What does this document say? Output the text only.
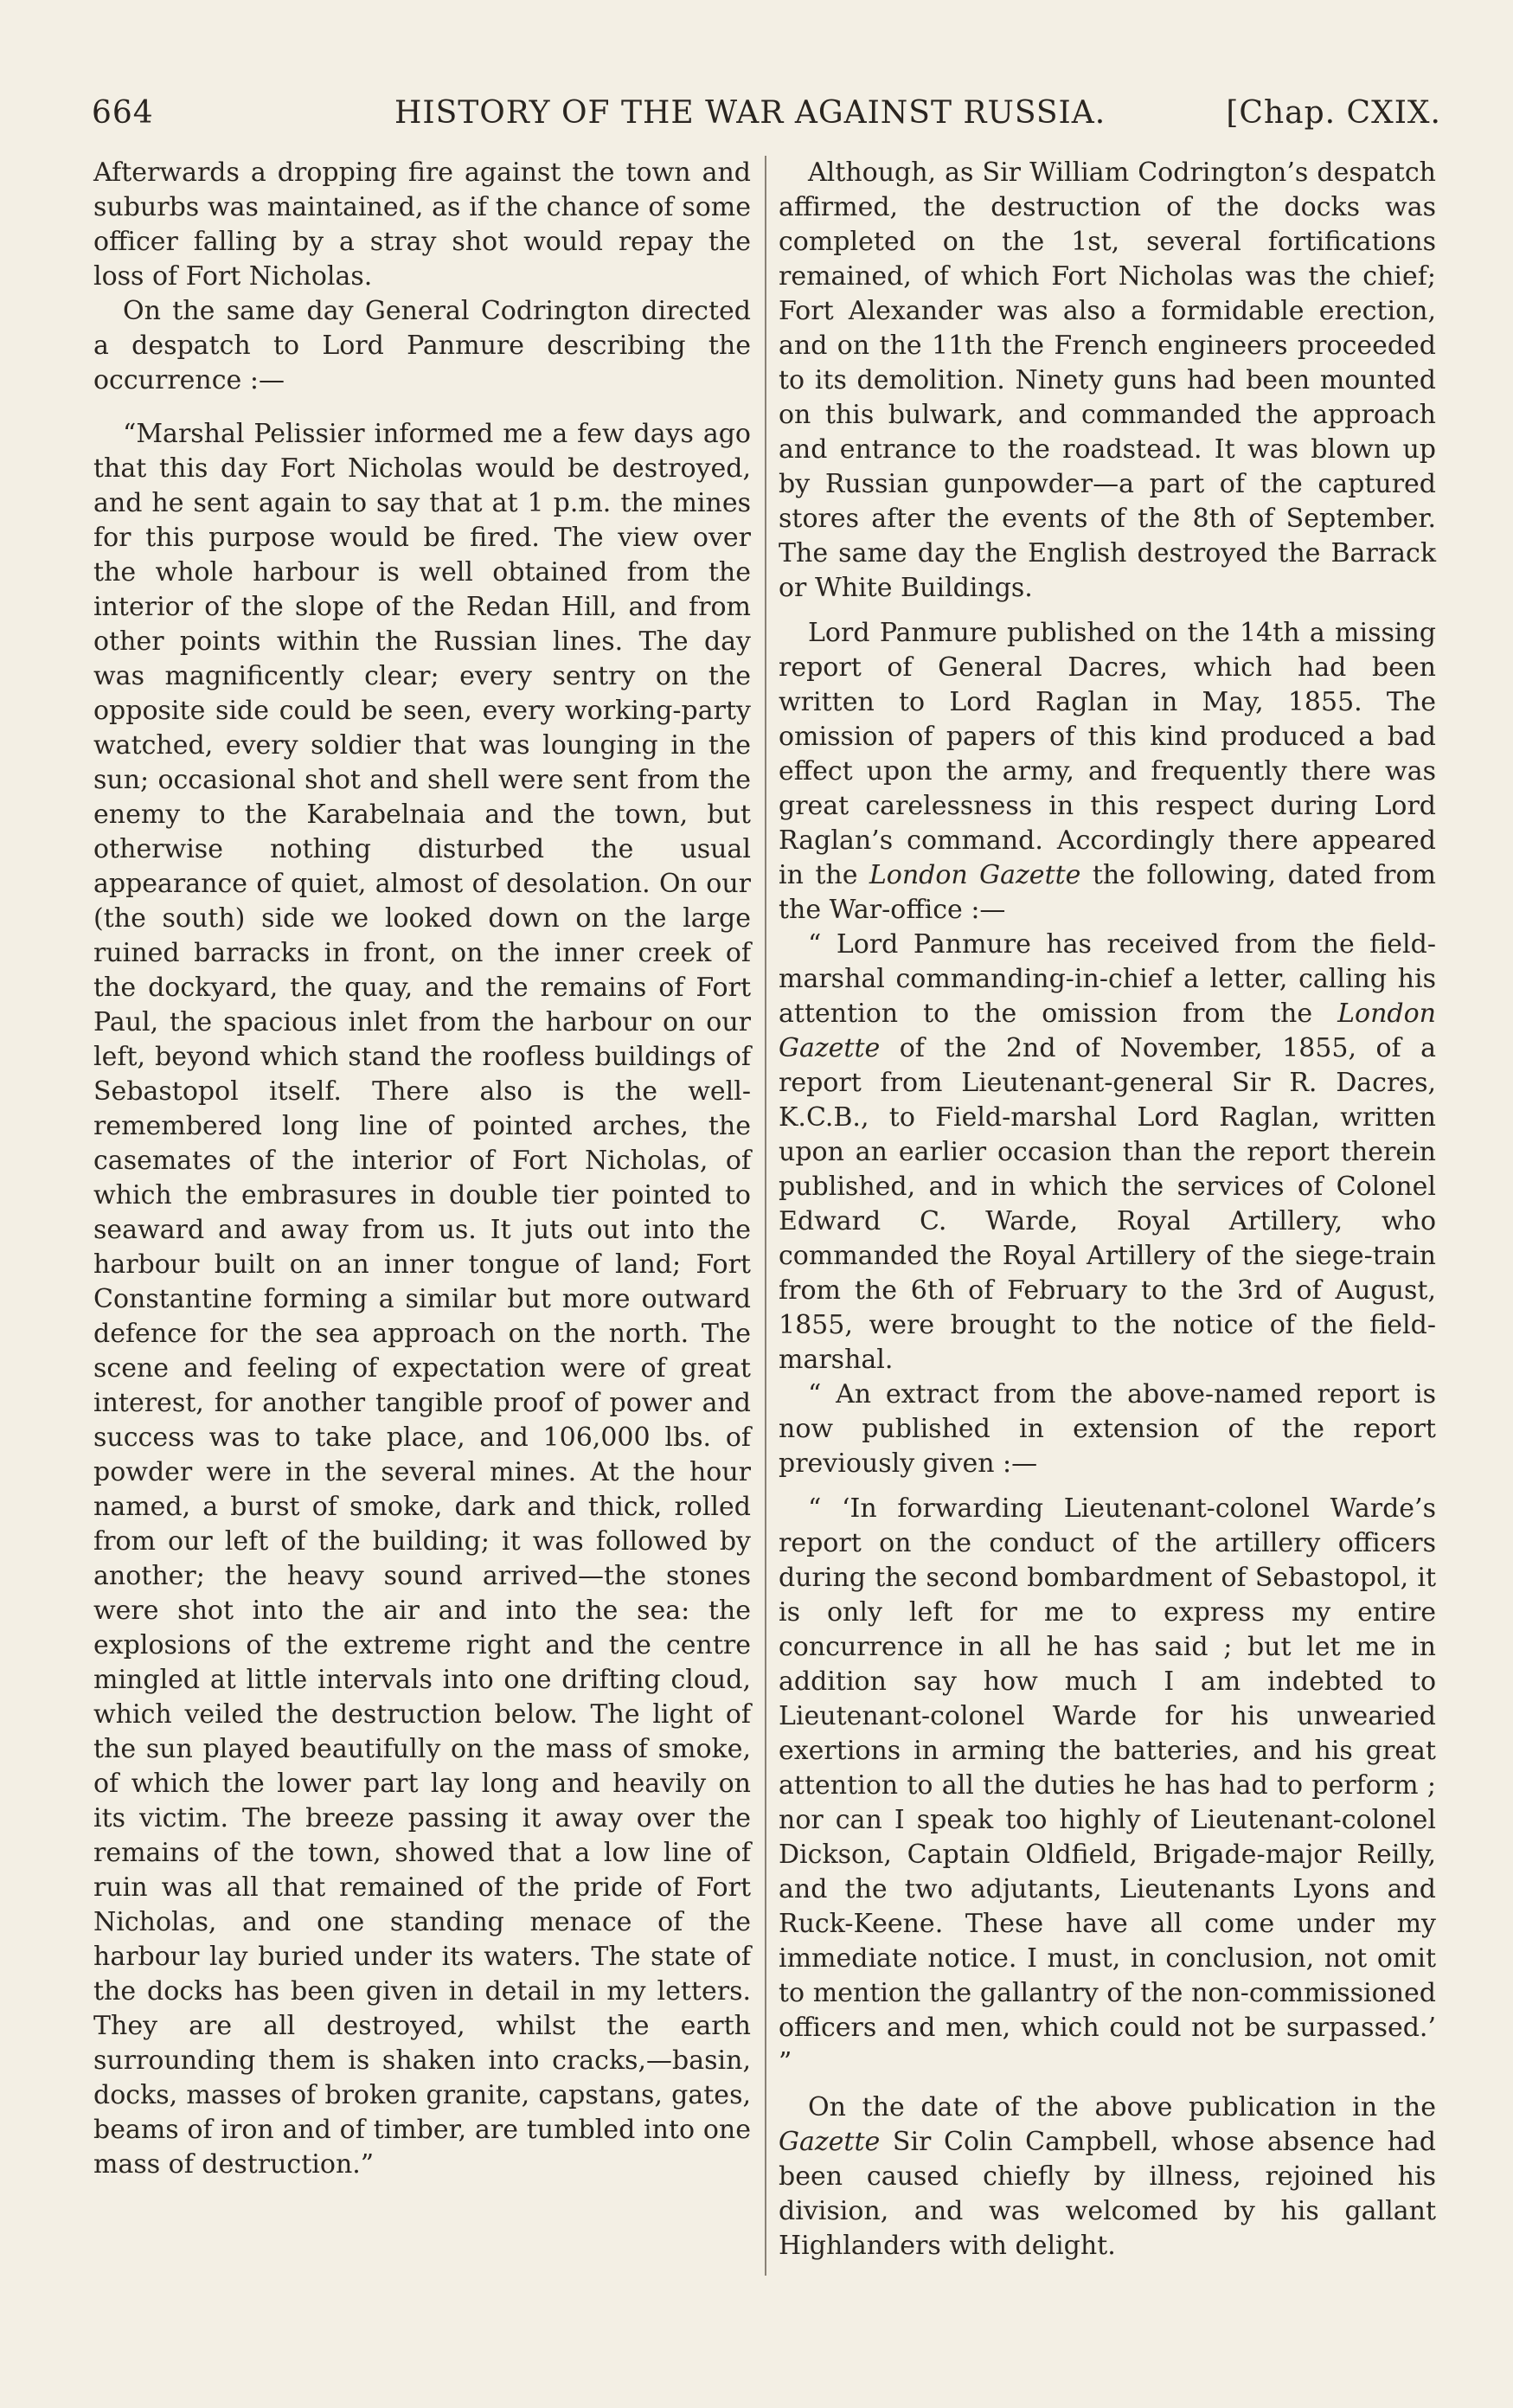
664	HISTORY OF THE WAR AGAINST RUSSIA.	[Chap. CXIX.

Afterwards a dropping fire against the town and suburbs was maintained, as if the chance of some officer falling by a stray shot would repay the loss of Fort Nicholas.

On the same day General Codrington directed a despatch to Lord Panmure describing the occurrence :—

“Marshal Pelissier informed me a few days ago that this day Fort Nicholas would be destroyed, and he sent again to say that at 1 p.m. the mines for this purpose would be fired. The view over the whole harbour is well obtained from the interior of the slope of the Redan Hill, and from other points within the Russian lines. The day was magnificently clear; every sentry on the opposite side could be seen, every working-party watched, every soldier that was lounging in the sun; occasional shot and shell were sent from the enemy to the Karabelnaia and the town, but otherwise nothing disturbed the usual appearance of quiet, almost of desolation. On our (the south) side we looked down on the large ruined barracks in front, on the inner creek of the dockyard, the quay, and the remains of Fort Paul, the spacious inlet from the harbour on our left, beyond which stand the roofless buildings of Sebastopol itself. There also is the well-remembered long line of pointed arches, the casemates of the interior of Fort Nicholas, of which the embrasures in double tier pointed to seaward and away from us. It juts out into the harbour built on an inner tongue of land; Fort Constantine forming a similar but more outward defence for the sea approach on the north. The scene and feeling of expectation were of great interest, for another tangible proof of power and success was to take place, and 106,000 lbs. of powder were in the several mines. At the hour named, a burst of smoke, dark and thick, rolled from our left of the building; it was followed by another; the heavy sound arrived—the stones were shot into the air and into the sea: the explosions of the extreme right and the centre mingled at little intervals into one drifting cloud, which veiled the destruction below. The light of the sun played beautifully on the mass of smoke, of which the lower part lay long and heavily on its victim. The breeze passing it away over the remains of the town, showed that a low line of ruin was all that remained of the pride of Fort Nicholas, and one standing menace of the harbour lay buried under its waters. The state of the docks has been given in detail in my letters. They are all destroyed, whilst the earth surrounding them is shaken into cracks,—basin, docks, masses of broken granite, capstans, gates, beams of iron and of timber, are tumbled into one mass of destruction.”

Although, as Sir William Codrington’s despatch affirmed, the destruction of the docks was completed on the 1st, several fortifications remained, of which Fort Nicholas was the chief; Fort Alexander was also a formidable erection, and on the 11th the French engineers proceeded to its demolition. Ninety guns had been mounted on this bulwark, and commanded the approach and entrance to the roadstead. It was blown up by Russian gunpowder—a part of the captured stores after the events of the 8th of September. The same day the English destroyed the Barrack or White Buildings.

Lord Panmure published on the 14th a missing report of General Dacres, which had been written to Lord Raglan in May, 1855. The omission of papers of this kind produced a bad effect upon the army, and frequently there was great carelessness in this respect during Lord Raglan’s command. Accordingly there appeared in the London Gazette the following, dated from the War-office :—

“ Lord Panmure has received from the field-marshal commanding-in-chief a letter, calling his attention to the omission from the London Gazette of the 2nd of November, 1855, of a report from Lieutenant-general Sir R. Dacres, K.C.B., to Field-marshal Lord Raglan, written upon an earlier occasion than the report therein published, and in which the services of Colonel Edward C. Warde, Royal Artillery, who commanded the Royal Artillery of the siege-train from the 6th of February to the 3rd of August, 1855, were brought to the notice of the field-marshal.

“ An extract from the above-named report is now published in extension of the report previously given :—

“ ‘In forwarding Lieutenant-colonel Warde’s report on the conduct of the artillery officers during the second bombardment of Sebastopol, it is only left for me to express my entire concurrence in all he has said ; but let me in addition say how much I am indebted to Lieutenant-colonel Warde for his unwearied exertions in arming the batteries, and his great attention to all the duties he has had to perform ; nor can I speak too highly of Lieutenant-colonel Dickson, Captain Oldfield, Brigade-major Reilly, and the two adjutants, Lieutenants Lyons and Ruck-Keene. These have all come under my immediate notice. I must, in conclusion, not omit to mention the gallantry of the non-commissioned officers and men, which could not be surpassed.’ ”

On the date of the above publication in the Gazette Sir Colin Campbell, whose absence had been caused chiefly by illness, rejoined his division, and was welcomed by his gallant Highlanders with delight.
